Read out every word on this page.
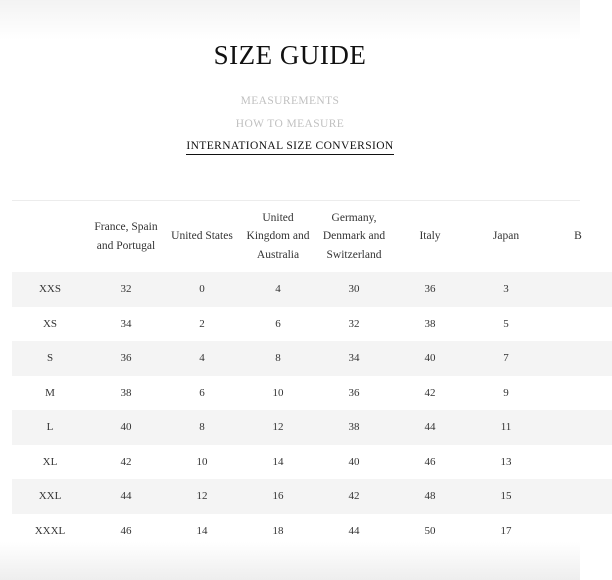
SIZE GUIDE
MEASUREMENTS
HOW TO MEASURE
INTERNATIONAL SIZE CONVERSION
	France, Spain and Portugal	United States	United Kingdom and Australia	Germany, Denmark and Switzerland	Italy	Japan	B
XXS	32	0	4	30	36	3	
XS	34	2	6	32	38	5	
S	36	4	8	34	40	7	
M	38	6	10	36	42	9	
L	40	8	12	38	44	11	
XL	42	10	14	40	46	13	
XXL	44	12	16	42	48	15	
XXXL	46	14	18	44	50	17	
